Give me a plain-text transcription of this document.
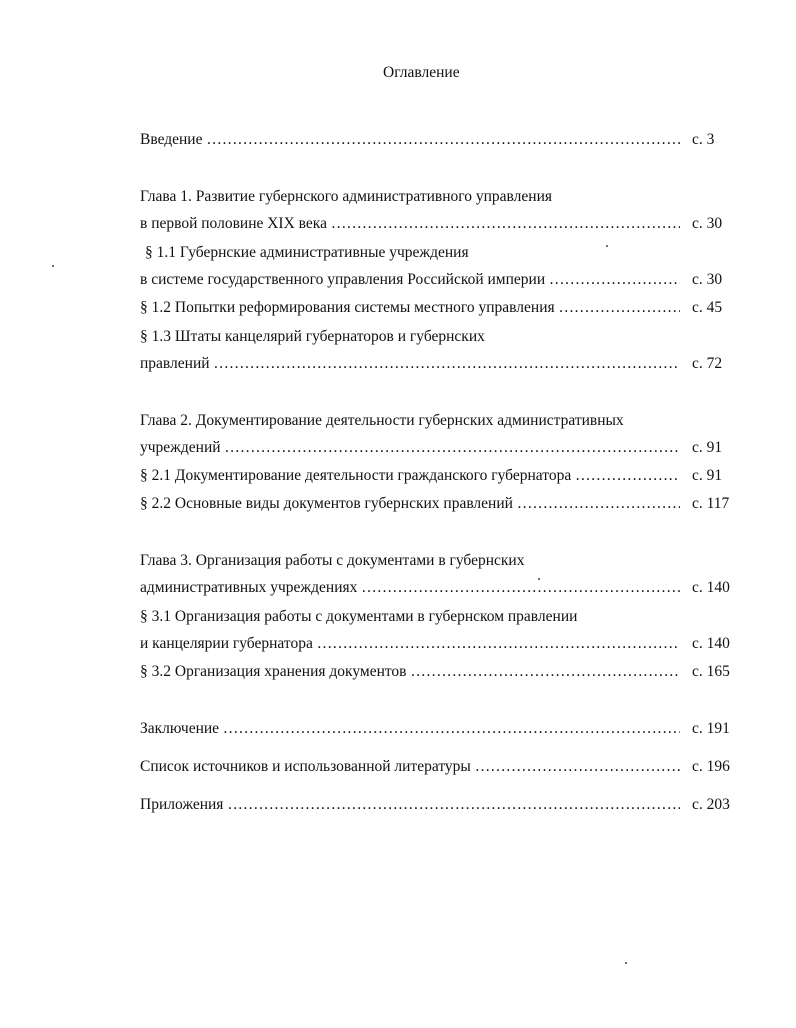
Оглавление
Введение ……………………………………………………………………………………………………………………………………………………	с. 3
Глава 1. Развитие губернского административного управления
в первой половине XIX века ……………………………………………………………………………………………………………………………………………………	с. 30
§ 1.1 Губернские административные учреждения
в системе государственного управления Российской империи ……………………………………………………………………………………………………………………………………………………	с. 30
§ 1.2 Попытки реформирования системы местного управления ……………………………………………………………………………………………………………………………………………………	с. 45
§ 1.3 Штаты канцелярий губернаторов и губернских
правлений ……………………………………………………………………………………………………………………………………………………	с. 72
Глава 2. Документирование деятельности губернских административных
учреждений ……………………………………………………………………………………………………………………………………………………	с. 91
§ 2.1 Документирование деятельности гражданского губернатора ……………………………………………………………………………………………………………………………………………………	с. 91
§ 2.2 Основные виды документов губернских правлений ……………………………………………………………………………………………………………………………………………………	с. 117
Глава 3. Организация работы с документами в губернских
административных учреждениях ……………………………………………………………………………………………………………………………………………………	с. 140
§ 3.1 Организация работы с документами в губернском правлении
и канцелярии губернатора ……………………………………………………………………………………………………………………………………………………	с. 140
§ 3.2 Организация хранения документов ……………………………………………………………………………………………………………………………………………………	с. 165
Заключение ……………………………………………………………………………………………………………………………………………………	с. 191
Список источников и использованной литературы ……………………………………………………………………………………………………………………………………………………	с. 196
Приложения ……………………………………………………………………………………………………………………………………………………	с. 203
